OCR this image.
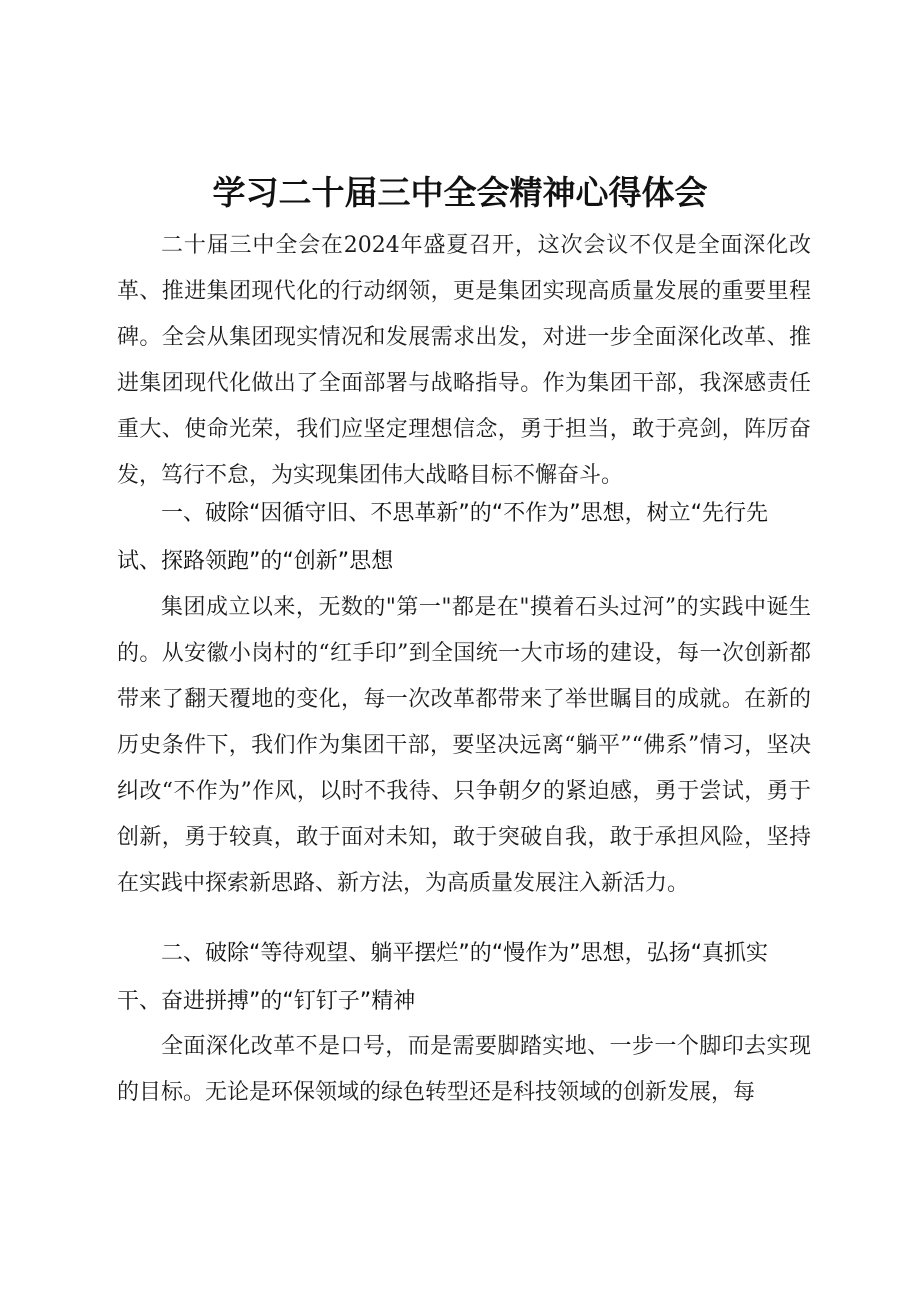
学习二十届三中全会精神心得体会

二十届三中全会在2024年盛夏召开，这次会议不仅是全面深化改革、推进集团现代化的行动纲领，更是集团实现高质量发展的重要里程碑。全会从集团现实情况和发展需求出发，对进一步全面深化改革、推进集团现代化做出了全面部署与战略指导。作为集团干部，我深感责任重大、使命光荣，我们应坚定理想信念，勇于担当，敢于亮剑，阵厉奋发，笃行不怠，为实现集团伟大战略目标不懈奋斗。

一、破除“因循守旧、不思革新”的“不作为”思想，树立“先行先试、探路领跑”的“创新”思想

集团成立以来，无数的"第一"都是在"摸着石头过河”的实践中诞生的。从安徽小岗村的“红手印”到全国统一大市场的建设，每一次创新都带来了翻天覆地的变化，每一次改革都带来了举世瞩目的成就。在新的历史条件下，我们作为集团干部，要坚决远离“躺平”“佛系”情习，坚决纠改“不作为”作风，以时不我待、只争朝夕的紧迫感，勇于尝试，勇于创新，勇于较真，敢于面对未知，敢于突破自我，敢于承担风险，坚持在实践中探索新思路、新方法，为高质量发展注入新活力。

二、破除“等待观望、躺平摆烂”的“慢作为”思想，弘扬“真抓实干、奋进拼搏”的“钉钉子”精神

全面深化改革不是口号，而是需要脚踏实地、一步一个脚印去实现的目标。无论是环保领域的绿色转型还是科技领域的创新发展，每
